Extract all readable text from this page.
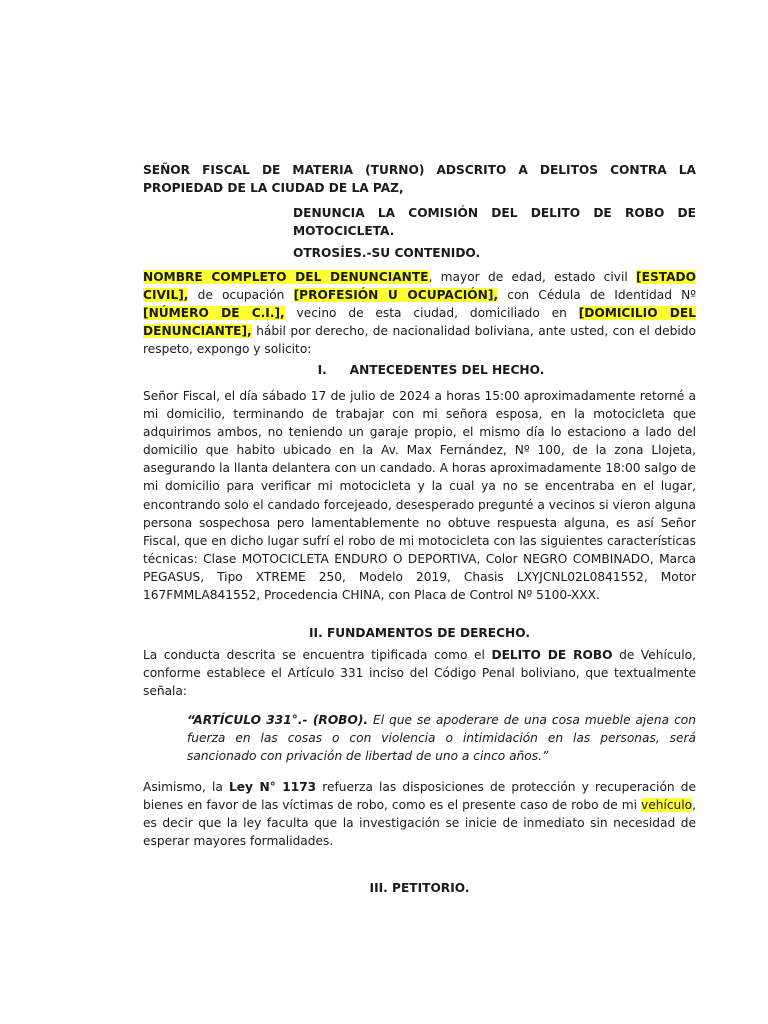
SEÑOR FISCAL DE MATERIA (TURNO) ADSCRITO A DELITOS CONTRA LA PROPIEDAD DE LA CIUDAD DE LA PAZ,

DENUNCIA LA COMISIÓN DEL DELITO DE ROBO DE MOTOCICLETA.

OTROSÍES.-SU CONTENIDO.

NOMBRE COMPLETO DEL DENUNCIANTE, mayor de edad, estado civil [ESTADO CIVIL], de ocupación [PROFESIÓN U OCUPACIÓN], con Cédula de Identidad Nº [NÚMERO DE C.I.], vecino de esta ciudad, domiciliado en [DOMICILIO DEL DENUNCIANTE], hábil por derecho, de nacionalidad boliviana, ante usted, con el debido respeto, expongo y solicito:

I. ANTECEDENTES DEL HECHO.

Señor Fiscal, el día sábado 17 de julio de 2024 a horas 15:00 aproximadamente retorné a mi domicilio, terminando de trabajar con mi señora esposa, en la motocicleta que adquirimos ambos, no teniendo un garaje propio, el mismo día lo estaciono a lado del domicilio que habito ubicado en la Av. Max Fernández, Nº 100, de la zona Llojeta, asegurando la llanta delantera con un candado. A horas aproximadamente 18:00 salgo de mi domicilio para verificar mi motocicleta y la cual ya no se encentraba en el lugar, encontrando solo el candado forcejeado, desesperado pregunté a vecinos si vieron alguna persona sospechosa pero lamentablemente no obtuve respuesta alguna, es así Señor Fiscal, que en dicho lugar sufrí el robo de mi motocicleta con las siguientes características técnicas: Clase MOTOCICLETA ENDURO O DEPORTIVA, Color NEGRO COMBINADO, Marca PEGASUS, Tipo XTREME 250, Modelo 2019, Chasis LXYJCNL02L0841552, Motor 167FMMLA841552, Procedencia CHINA, con Placa de Control Nº 5100-XXX.

II. FUNDAMENTOS DE DERECHO.

La conducta descrita se encuentra tipificada como el DELITO DE ROBO de Vehículo, conforme establece el Artículo 331 inciso del Código Penal boliviano, que textualmente señala:

“ARTÍCULO 331°.- (ROBO). El que se apoderare de una cosa mueble ajena con fuerza en las cosas o con violencia o intimidación en las personas, será sancionado con privación de libertad de uno a cinco años.”

Asimismo, la Ley N° 1173 refuerza las disposiciones de protección y recuperación de bienes en favor de las víctimas de robo, como es el presente caso de robo de mi vehículo, es decir que la ley faculta que la investigación se inicie de inmediato sin necesidad de esperar mayores formalidades.

III. PETITORIO.
